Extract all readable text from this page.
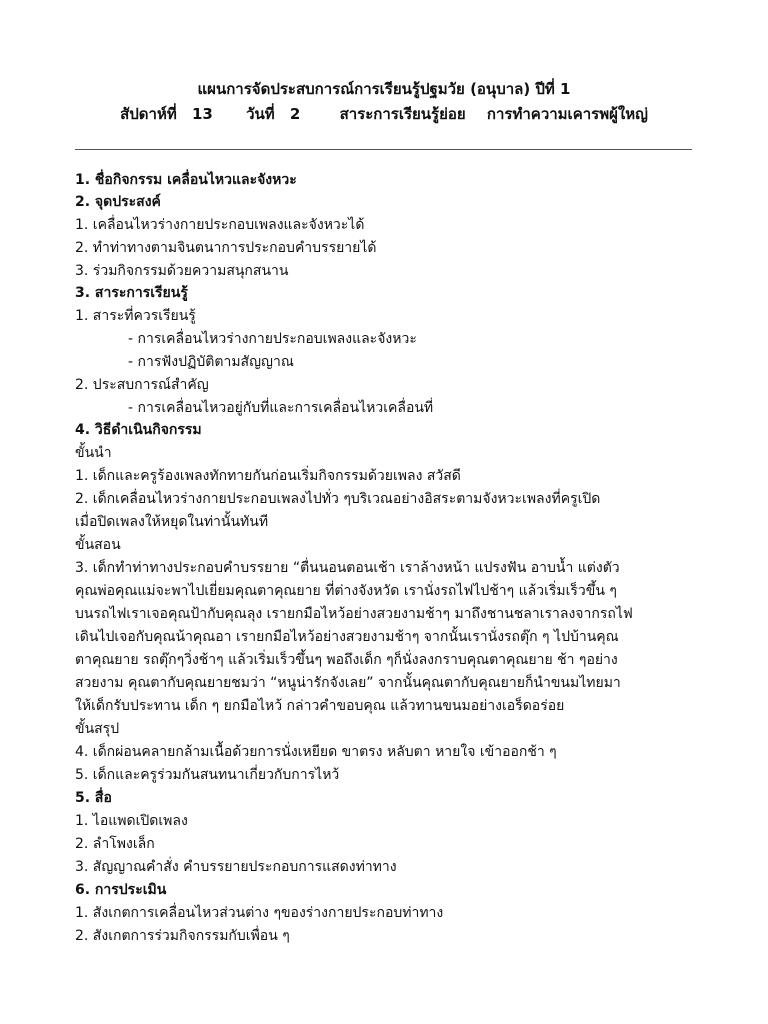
แผนการจัดประสบการณ์การเรียนรู้ปฐมวัย (อนุบาล) ปีที่ 1
สัปดาห์ที่ 13 วันที่ 2	สาระการเรียนรู้ย่อย การทำความเคารพผู้ใหญ่
1. ชื่อกิจกรรม เคลื่อนไหวและจังหวะ
2. จุดประสงค์
1. เคลื่อนไหวร่างกายประกอบเพลงและจังหวะได้
2. ทำท่าทางตามจินตนาการประกอบคำบรรยายได้
3. ร่วมกิจกรรมด้วยความสนุกสนาน
3. สาระการเรียนรู้
1. สาระที่ควรเรียนรู้
- การเคลื่อนไหวร่างกายประกอบเพลงและจังหวะ
- การฟังปฏิบัติตามสัญญาณ
2. ประสบการณ์สำคัญ
- การเคลื่อนไหวอยู่กับที่และการเคลื่อนไหวเคลื่อนที่
4. วิธีดำเนินกิจกรรม
ขั้นนำ
1. เด็กและครูร้องเพลงทักทายกันก่อนเริ่มกิจกรรมด้วยเพลง สวัสดี
2. เด็กเคลื่อนไหวร่างกายประกอบเพลงไปทั่ว ๆบริเวณอย่างอิสระตามจังหวะเพลงที่ครูเปิด
เมื่อปิดเพลงให้หยุดในท่านั้นทันที
ขั้นสอน
3. เด็กทำท่าทางประกอบคำบรรยาย “ตื่นนอนตอนเช้า เราล้างหน้า แปรงฟัน อาบน้ำ แต่งตัว
คุณพ่อคุณแม่จะพาไปเยี่ยมคุณตาคุณยาย ที่ต่างจังหวัด เรานั่งรถไฟไปช้าๆ แล้วเริ่มเร็วขึ้น ๆ
บนรถไฟเราเจอคุณป้ากับคุณลุง เรายกมือไหว้อย่างสวยงามช้าๆ มาถึงชานชลาเราลงจากรถไฟ
เดินไปเจอกับคุณน้าคุณอา เรายกมือไหว้อย่างสวยงามช้าๆ จากนั้นเรานั่งรถตุ๊ก ๆ ไปบ้านคุณ
ตาคุณยาย รถตุ๊กๆวิ่งช้าๆ แล้วเริ่มเร็วขึ้นๆ พอถึงเด็ก ๆก็นั่งลงกราบคุณตาคุณยาย ช้า ๆอย่าง
สวยงาม คุณตากับคุณยายชมว่า “หนูน่ารักจังเลย” จากนั้นคุณตากับคุณยายก็นำขนมไทยมา
ให้เด็กรับประทาน เด็ก ๆ ยกมือไหว้ กล่าวคำขอบคุณ แล้วทานขนมอย่างเอร็ดอร่อย
ขั้นสรุป
4. เด็กผ่อนคลายกล้ามเนื้อด้วยการนั่งเหยียด ขาตรง หลับตา หายใจ เข้าออกช้า ๆ
5. เด็กและครูร่วมกันสนทนาเกี่ยวกับการไหว้
5. สื่อ
1. ไอแพดเปิดเพลง
2. ลำโพงเล็ก
3. สัญญาณคำสั่ง คำบรรยายประกอบการแสดงท่าทาง
6. การประเมิน
1. สังเกตการเคลื่อนไหวส่วนต่าง ๆของร่างกายประกอบท่าทาง
2. สังเกตการร่วมกิจกรรมกับเพื่อน ๆ
